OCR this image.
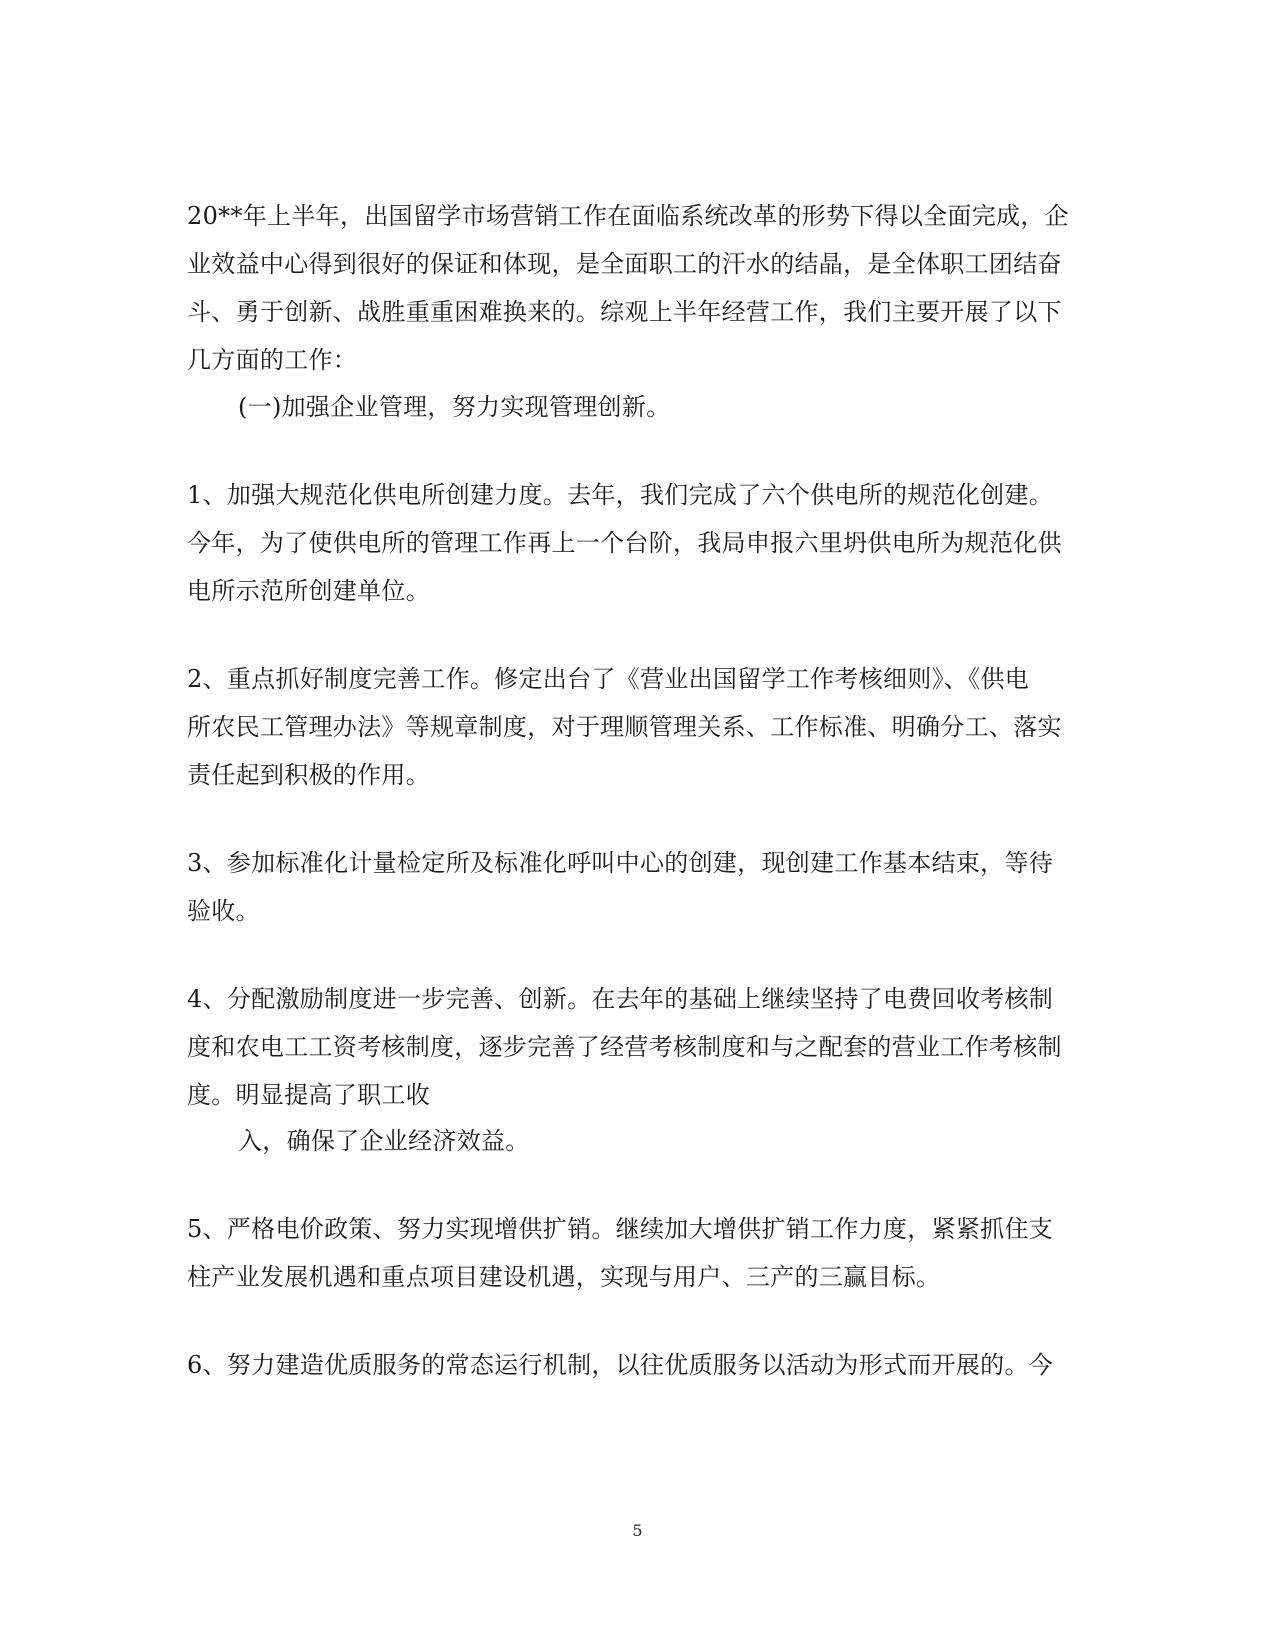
20**年上半年，出国留学市场营销工作在面临系统改革的形势下得以全面完成，企
业效益中心得到很好的保证和体现，是全面职工的汗水的结晶，是全体职工团结奋
斗、勇于创新、战胜重重困难换来的。综观上半年经营工作，我们主要开展了以下
几方面的工作：
(一)加强企业管理，努力实现管理创新。
1、加强大规范化供电所创建力度。去年，我们完成了六个供电所的规范化创建。
今年，为了使供电所的管理工作再上一个台阶，我局申报六里坍供电所为规范化供
电所示范所创建单位。
2、重点抓好制度完善工作。修定出台了《营业出国留学工作考核细则》、《供电
所农民工管理办法》等规章制度，对于理顺管理关系、工作标准、明确分工、落实
责任起到积极的作用。
3、参加标准化计量检定所及标准化呼叫中心的创建，现创建工作基本结束，等待
验收。
4、分配激励制度进一步完善、创新。在去年的基础上继续坚持了电费回收考核制
度和农电工工资考核制度，逐步完善了经营考核制度和与之配套的营业工作考核制
度。明显提高了职工收
入，确保了企业经济效益。
5、严格电价政策、努力实现增供扩销。继续加大增供扩销工作力度，紧紧抓住支
柱产业发展机遇和重点项目建设机遇，实现与用户、三产的三赢目标。
6、努力建造优质服务的常态运行机制，以往优质服务以活动为形式而开展的。今
5
